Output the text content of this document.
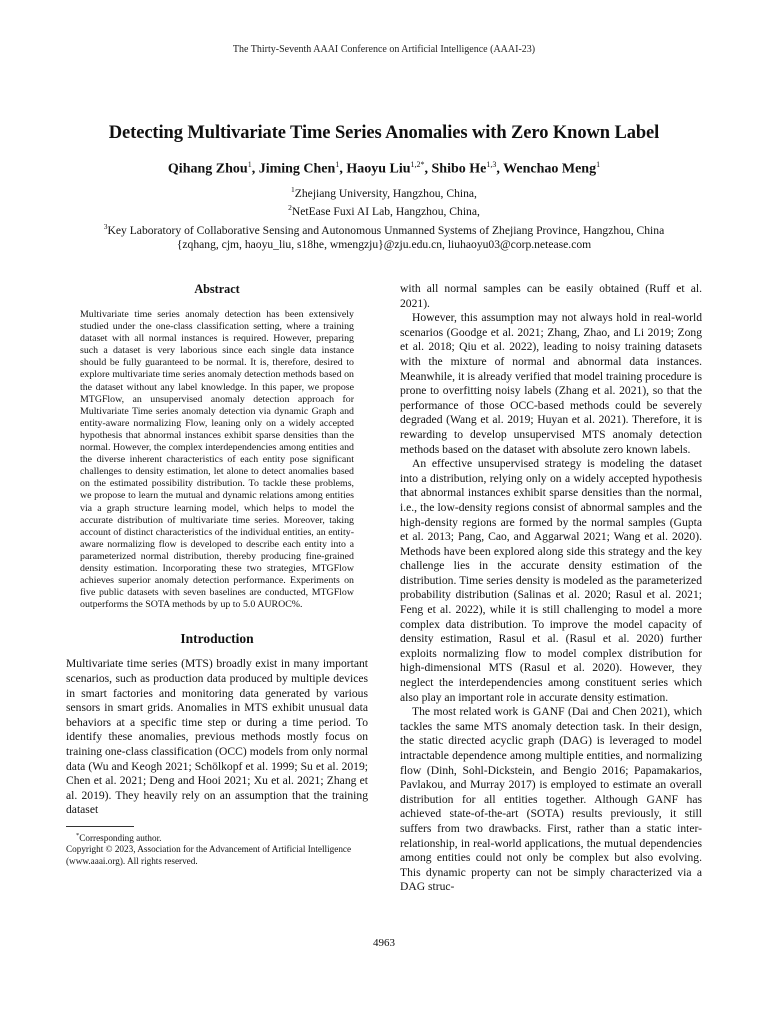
The Thirty-Seventh AAAI Conference on Artificial Intelligence (AAAI-23)
Detecting Multivariate Time Series Anomalies with Zero Known Label
Qihang Zhou$^1$, Jiming Chen$^1$, Haoyu Liu$^{1,2*}$, Shibo He$^{1,3}$, Wenchao Meng$^1$
$^1$Zhejiang University, Hangzhou, China,
$^2$NetEase Fuxi AI Lab, Hangzhou, China,
$^3$Key Laboratory of Collaborative Sensing and Autonomous Unmanned Systems of Zhejiang Province, Hangzhou, China
{zqhang, cjm, haoyu_liu, s18he, wmengzju}@zju.edu.cn, liuhaoyu03@corp.netease.com
Abstract

Multivariate time series anomaly detection has been extensively studied under the one-class classification setting, where a training dataset with all normal instances is required. However, preparing such a dataset is very laborious since each single data instance should be fully guaranteed to be normal. It is, therefore, desired to explore multivariate time series anomaly detection methods based on the dataset without any label knowledge. In this paper, we propose MTGFlow, an unsupervised anomaly detection approach for Multivariate Time series anomaly detection via dynamic Graph and entity-aware normalizing Flow, leaning only on a widely accepted hypothesis that abnormal instances exhibit sparse densities than the normal. However, the complex interdependencies among entities and the diverse inherent characteristics of each entity pose significant challenges to density estimation, let alone to detect anomalies based on the estimated possibility distribution. To tackle these problems, we propose to learn the mutual and dynamic relations among entities via a graph structure learning model, which helps to model the accurate distribution of multivariate time series. Moreover, taking account of distinct characteristics of the individual entities, an entity-aware normalizing flow is developed to describe each entity into a parameterized normal distribution, thereby producing fine-grained density estimation. Incorporating these two strategies, MTGFlow achieves superior anomaly detection performance. Experiments on five public datasets with seven baselines are conducted, MTGFlow outperforms the SOTA methods by up to 5.0 AUROC%.

Introduction

Multivariate time series (MTS) broadly exist in many important scenarios, such as production data produced by multiple devices in smart factories and monitoring data generated by various sensors in smart grids. Anomalies in MTS exhibit unusual data behaviors at a specific time step or during a time period. To identify these anomalies, previous methods mostly focus on training one-class classification (OCC) models from only normal data (Wu and Keogh 2021; Schölkopf et al. 1999; Su et al. 2019; Chen et al. 2021; Deng and Hooi 2021; Xu et al. 2021; Zhang et al. 2019). They heavily rely on an assumption that the training dataset

*Corresponding author.

Copyright © 2023, Association for the Advancement of Artificial Intelligence (www.aaai.org). All rights reserved.

with all normal samples can be easily obtained (Ruff et al. 2021).

However, this assumption may not always hold in real-world scenarios (Goodge et al. 2021; Zhang, Zhao, and Li 2019; Zong et al. 2018; Qiu et al. 2022), leading to noisy training datasets with the mixture of normal and abnormal data instances. Meanwhile, it is already verified that model training procedure is prone to overfitting noisy labels (Zhang et al. 2021), so that the performance of those OCC-based methods could be severely degraded (Wang et al. 2019; Huyan et al. 2021). Therefore, it is rewarding to develop unsupervised MTS anomaly detection methods based on the dataset with absolute zero known labels.

An effective unsupervised strategy is modeling the dataset into a distribution, relying only on a widely accepted hypothesis that abnormal instances exhibit sparse densities than the normal, i.e., the low-density regions consist of abnormal samples and the high-density regions are formed by the normal samples (Gupta et al. 2013; Pang, Cao, and Aggarwal 2021; Wang et al. 2020). Methods have been explored along side this strategy and the key challenge lies in the accurate density estimation of the distribution. Time series density is modeled as the parameterized probability distribution (Salinas et al. 2020; Rasul et al. 2021; Feng et al. 2022), while it is still challenging to model a more complex data distribution. To improve the model capacity of density estimation, Rasul et al. (Rasul et al. 2020) further exploits normalizing flow to model complex distribution for high-dimensional MTS (Rasul et al. 2020). However, they neglect the interdependencies among constituent series which also play an important role in accurate density estimation.

The most related work is GANF (Dai and Chen 2021), which tackles the same MTS anomaly detection task. In their design, the static directed acyclic graph (DAG) is leveraged to model intractable dependence among multiple entities, and normalizing flow (Dinh, Sohl-Dickstein, and Bengio 2016; Papamakarios, Pavlakou, and Murray 2017) is employed to estimate an overall distribution for all entities together. Although GANF has achieved state-of-the-art (SOTA) results previously, it still suffers from two drawbacks. First, rather than a static inter-relationship, in real-world applications, the mutual dependencies among entities could not only be complex but also evolving. This dynamic property can not be simply characterized via a DAG struc-

4963
